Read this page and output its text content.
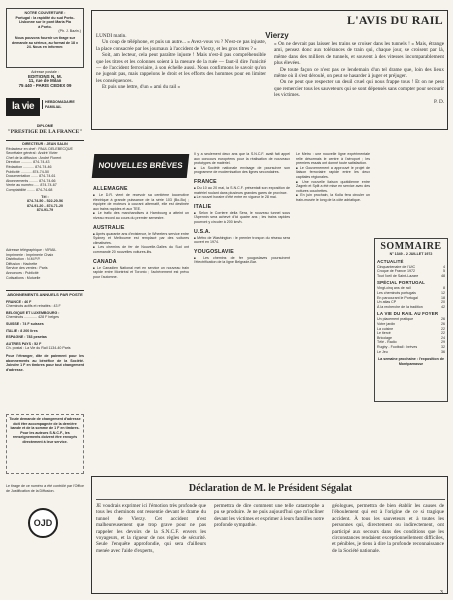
NOTRE COUVERTURE :
Portugal : la rapidité du sud Porto-
Lisbonne sur le pont Maria Pia
à Porto.
(Ph. J. Bazin.)
Nous pouvons fournir un tirage sur demande au sérieux, au format de 18 x 24. Nous en informer.
Adresse postale :
EDITIONS N. M.
11, rue de Milan
75 440 - PARIS CEDEX 09
la vie du rail
HEBDOMADAIRE
FAMILIAL
DIPLOME
"PRESTIGE DE LA FRANCE"
DIRECTEUR : JEAN SALIN
Rédacteur en chef : PAUL DELEBECQUE
Secrétaire général : André Vivier
Chef de la diffusion : André Florent
Direction ........... 874-74-43
Rédaction ........... 874-74-46
Publicité ........... 874-74-50
Documentation ....... 874-74-61
Abonnements ......... 874-74-66
Vente au numéro ..... 874-74-67
Comptabilité ........ 874-74-68
Tél :
874-74-50 - 522-20-56
874-91-20 - 874-71-20
874-91-79
Adresse télégraphique : VIRAIL
Imprimerie : Imprimerie Chaix
Distribution : N.M.P.P.
Diffusion : Hachette
Service des ventes : Paris
Annonces : Publicité
Cotisations : Mutuelle
ABONNEMENTS ANNUELS PAR POSTE
FRANCE : 46 F
Cheminots actifs et retraités : 43 F
BELGIQUE ET LUXEMBOURG :
Cheminots ............. 428 F belges
SUISSE : 74 F suisses
ITALIE : 8 200 lires
ESPAGNE : 783 pesetas
AUTRES PAYS : 52 F
Ch. postal : La Vie du Rail 1134-40 Paris
Pour l'étranger, dite de paiement pour les abonnements au bénéfice de la Société. Joindre 1 F en timbres pour tout changement d'adresse.
Toute demande de changement d'adresse doit être accompagnée de la dernière bande et de la somme de 1 F en timbres. Pour les auteurs S.N.C.F., les renseignements doivent être envoyés directement à leur service.
Le tirage de ce numéro a été contrôlé par l'Office de Justification de la Diffusion.
OJD
L'AVIS DU RAIL
Vierzy

LUNDI matin.

Un coup de téléphone, et puis un autre... « Avez-vous vu ? N'est-ce pas injuste, la place consacrée par les journaux à l'accident de Vierzy, et les gros titres ? »

Soit, am lecteur, cela peut paraître injuste ! Mais n'est-il pas compréhensible que les titres et les colonnes soient à la mesure de la ruée — faut-il dire l'unicité — de l'accident ferroviaire, à son échelle aussi. Nous confirmons le savoir qu'on ne jugeait pas, mais rappelons le droit et les efforts des hommes pour en limiter les conséquences.

Et puis une lettre, d'un « ami du rail »

« On ne devrait pas laisser les trains se croiser dans les tunnels ! » Mais, étrange ami, pensez donc aux tolérances de train qui, chaque jour, se croisent par là, même dans des milliers de tunnels, et souvent à des vitesses incomparablement plus élevées.

De toute façon ce n'est pas ce lendemain d'un tel drame que, loin des lieux même où il s'est déroulé, on peut se hasarder à juger et préjuger.

On ne peut que respecter un deuil cruel qui nous frappe tous ! Et on ne peut que remercier tous les sauveteurs qui se sont dépensés sans compter pour secourir les victimes.

P. D.

NOUVELLES BRÈVES
ALLEMAGNE

■ Le D.R. vient de recevoir sa centième locomotive électrique à grande puissance de la série 103 (Bo-Bo) ; équipée de moteurs à courant alternatif, elle est destinée aux trains rapides et aux TEE.

■ Le trafic des marchandises à Hambourg a atteint un niveau record au cours du premier semestre.

AUSTRALIE

■ Après quarante ans d'existence, le Wheelers service entre Sydney et Melbourne est remplacé par des voitures climatisées.

■ Les chemins de fer de Nouvelle-Galles du Sud ont commandé 20 nouvelles voitures-lits.

CANADA

■ Le Canadien National met en service un nouveau train rapide entre Montréal et Toronto ; l'achèvement est prévu pour l'automne.

Il y a seulement deux ans que la S.N.C.F. avait fait appel aux concours européens pour la réalisation de nouveaux prototypes de matériel.

■ La Société nationale envisage de poursuivre son programme de modernisation des lignes secondaires.

FRANCE

■ Du 10 au 20 mai, la S.N.C.F. présentait son exposition de matériel roulant dans plusieurs grandes gares de province.

■ Le nouvel horaire d'été entre en vigueur le 28 mai.

ITALIE

■ Selon le Corriere della Sera, le nouveau tunnel sous l'Apennin sera achevé d'ici quatre ans ; les trains rapides pourront y circuler à 200 km/h.

U.S.A.

■ Métro de Washington : le premier tronçon du réseau sera ouvert en 1974.

YOUGOSLAVIE

■ Les chemins de fer yougoslaves poursuivent l'électrification de la ligne Belgrade-Bar.

Le Metro : une nouvelle ligne expérimentale relie désormais le centre à l'aéroport ; les premiers essais ont donné toute satisfaction.

■ Le Gouvernement a approuvé le projet de liaison ferroviaire rapide entre les deux capitales régionales.

■ Une nouvelle liaison quotidienne entre Zagreb et Split a été mise en service avec des voitures couchettes.

■ En juin prochain, la Kolla fera circuler un train-musée le long de la côte adriatique.

SOMMAIRE
N° 1349 - 2 JUILLET 1972
ACTUALITÉ
Cinquantenaire de l'UIC	4
Croque de France 1972	5
Tout l'oeil de Saint-Lazare	48
SPÉCIAL PORTUGAL
Vingt-cinq ans de rail	8
Les cheminots portugais	12
En parcourant le Portugal	18
Un atlas CP	20
À la recherche de la tradition	42
LA VIE DU RAIL AU FOYER
Un placement pratique	26
Votre jardin	26
La cuisine	22
Le tiercé	22
Bricolage	24
Télé - Radio	29
Rugby - Football : brèves	32
Le Jeu	36
La semaine prochaine : l'exposition de Montparnasse
Déclaration de M. le Président Ségalat

JE voudrais exprimer ici l'émotion très profonde que tous les cheminots ont ressentie devant le drame du tunnel de Vierzy. Cet accident n'est malheureusement que trop grave pour ne pas rappeler les devoirs de la S.N.C.F. envers les voyageurs, et la rigueur de nos règles de sécurité. Seule l'enquête approfondie, qui sera d'ailleurs menée avec l'aide d'experts,

permettra de dire comment une telle catastrophe a pu se produire. Je ne puis aujourd'hui que m'incliner devant les victimes et exprimer à leurs familles notre profonde sympathie.

géologues, permettra de bien établir les causes de l'éboulement qui est à l'origine de ce si tragique accident. À tous les sauveteurs et à toutes les personnes qui, directement ou indirectement, ont participé aux secours dans des conditions que les circonstances rendaient exceptionnellement difficiles, et pénibles, je tiens à dire la profonde reconnaissance de la Société nationale.

3
